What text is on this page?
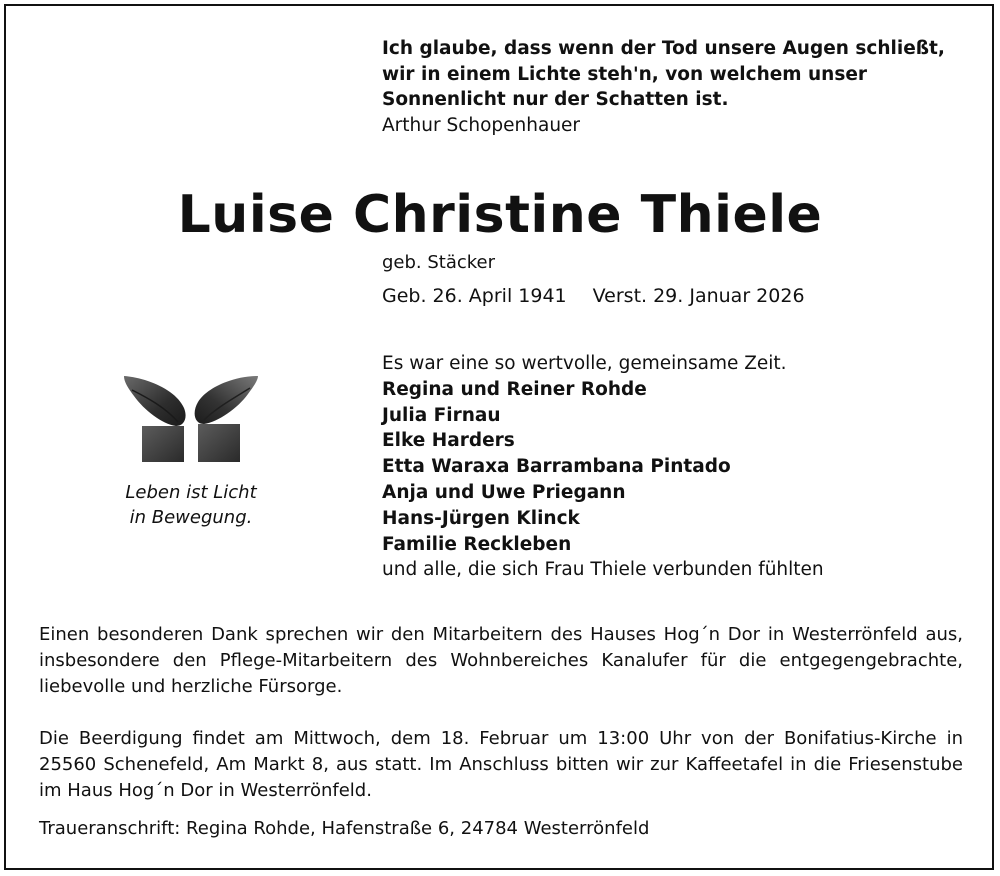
Ich glaube, dass wenn der Tod unsere Augen schließt,
wir in einem Lichte steh'n, von welchem unser
Sonnenlicht nur der Schatten ist.
Arthur Schopenhauer
Luise Christine Thiele
geb. Stäcker
Geb. 26. April 1941 Verst. 29. Januar 2026
Leben ist Licht
in Bewegung.
Es war eine so wertvolle, gemeinsame Zeit.
Regina und Reiner Rohde
Julia Firnau
Elke Harders
Etta Waraxa Barrambana Pintado
Anja und Uwe Priegann
Hans-Jürgen Klinck
Familie Reckleben
und alle, die sich Frau Thiele verbunden fühlten
Einen besonderen Dank sprechen wir den Mitarbeitern des Hauses Hog´n Dor in Westerrönfeld aus, insbesondere den Pflege-Mitarbeitern des Wohnbereiches Kanalufer für die entgegengebrachte, liebevolle und herzliche Fürsorge.
Die Beerdigung findet am Mittwoch, dem 18. Februar um 13:00 Uhr von der Bonifatius-Kirche in 25560 Schenefeld, Am Markt 8, aus statt. Im Anschluss bitten wir zur Kaffeetafel in die Friesenstube im Haus Hog´n Dor in Westerrönfeld.
Traueranschrift: Regina Rohde, Hafenstraße 6, 24784 Westerrönfeld
